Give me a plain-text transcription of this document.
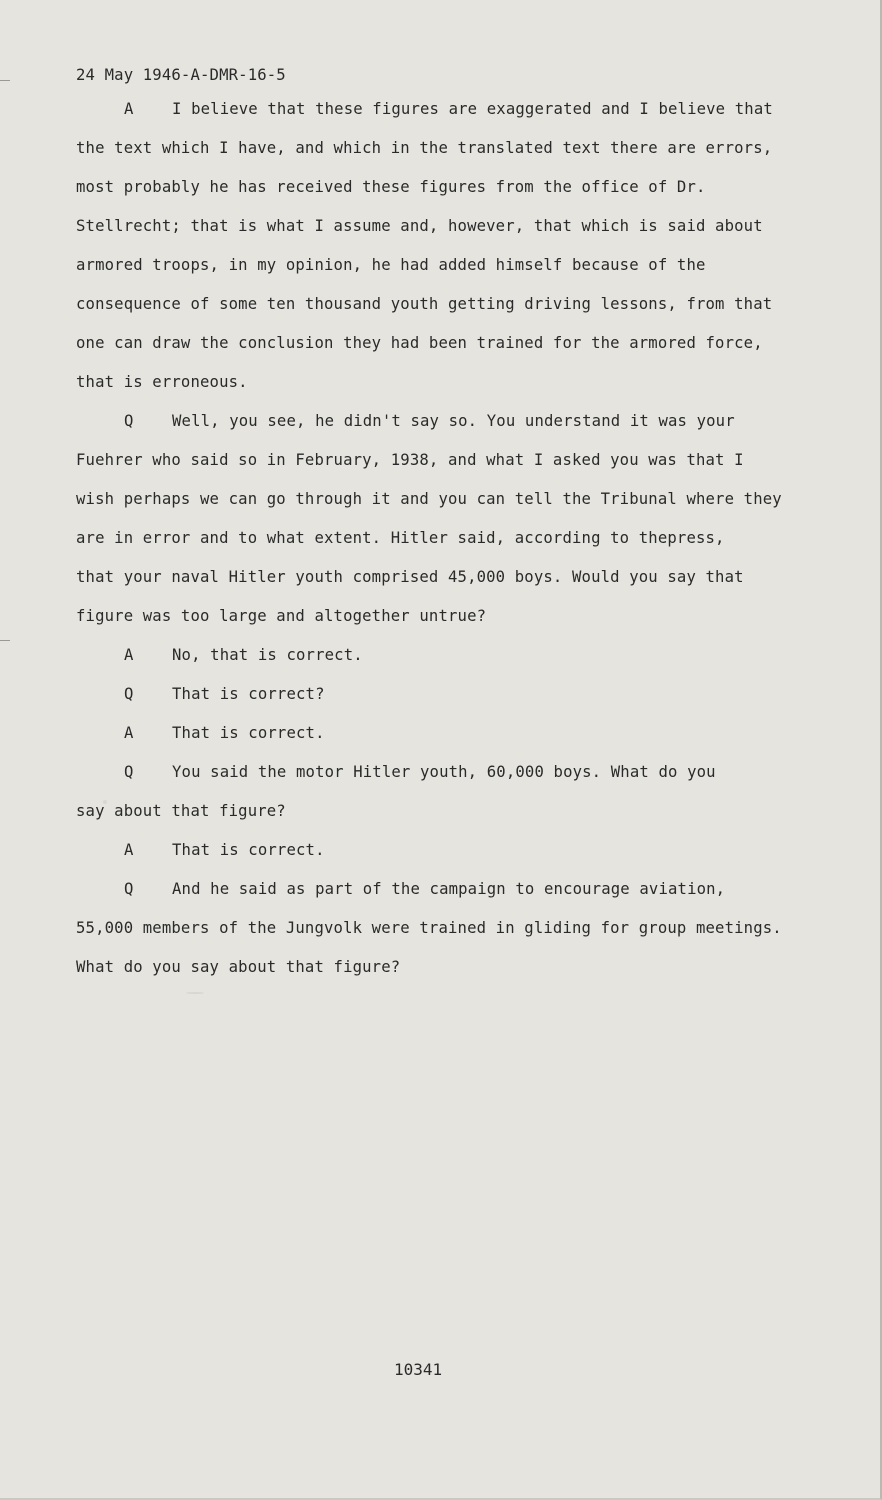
24 May 1946-A-DMR-16-5
A I believe that these figures are exaggerated and I believe that
the text which I have, and which in the translated text there are errors,
most probably he has received these figures from the office of Dr.
Stellrecht; that is what I assume and, however, that which is said about
armored troops, in my opinion, he had added himself because of the
consequence of some ten thousand youth getting driving lessons, from that
one can draw the conclusion they had been trained for the armored force,
that is erroneous.
Q Well, you see, he didn't say so. You understand it was your
Fuehrer who said so in February, 1938, and what I asked you was that I
wish perhaps we can go through it and you can tell the Tribunal where they
are in error and to what extent. Hitler said, according to thepress,
that your naval Hitler youth comprised 45,000 boys. Would you say that
figure was too large and altogether untrue?
A No, that is correct.
Q That is correct?
A That is correct.
Q You said the motor Hitler youth, 60,000 boys. What do you
say about that figure?
A That is correct.
Q And he said as part of the campaign to encourage aviation,
55,000 members of the Jungvolk were trained in gliding for group meetings.
What do you say about that figure?
10341
